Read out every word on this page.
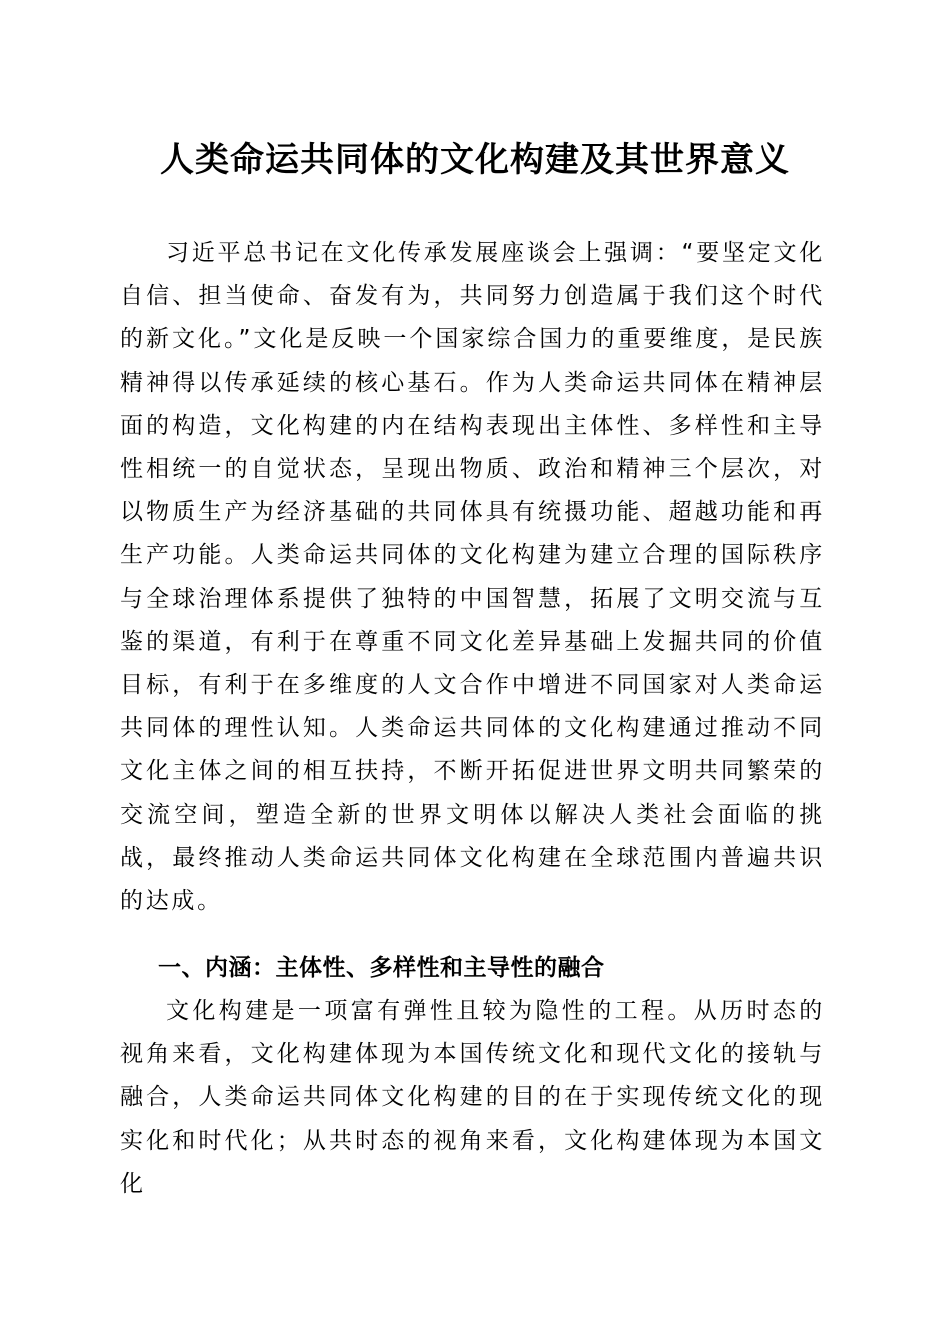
人类命运共同体的文化构建及其世界意义

习近平总书记在文化传承发展座谈会上强调：“要坚定文化自信、担当使命、奋发有为，共同努力创造属于我们这个时代的新文化。”文化是反映一个国家综合国力的重要维度，是民族精神得以传承延续的核心基石。作为人类命运共同体在精神层面的构造，文化构建的内在结构表现出主体性、多样性和主导性相统一的自觉状态，呈现出物质、政治和精神三个层次，对以物质生产为经济基础的共同体具有统摄功能、超越功能和再生产功能。人类命运共同体的文化构建为建立合理的国际秩序与全球治理体系提供了独特的中国智慧，拓展了文明交流与互鉴的渠道，有利于在尊重不同文化差异基础上发掘共同的价值目标，有利于在多维度的人文合作中增进不同国家对人类命运共同体的理性认知。人类命运共同体的文化构建通过推动不同文化主体之间的相互扶持，不断开拓促进世界文明共同繁荣的交流空间，塑造全新的世界文明体以解决人类社会面临的挑战，最终推动人类命运共同体文化构建在全球范围内普遍共识的达成。

一、内涵：主体性、多样性和主导性的融合

文化构建是一项富有弹性且较为隐性的工程。从历时态的视角来看，文化构建体现为本国传统文化和现代文化的接轨与融合，人类命运共同体文化构建的目的在于实现传统文化的现实化和时代化；从共时态的视角来看，文化构建体现为本国文化
